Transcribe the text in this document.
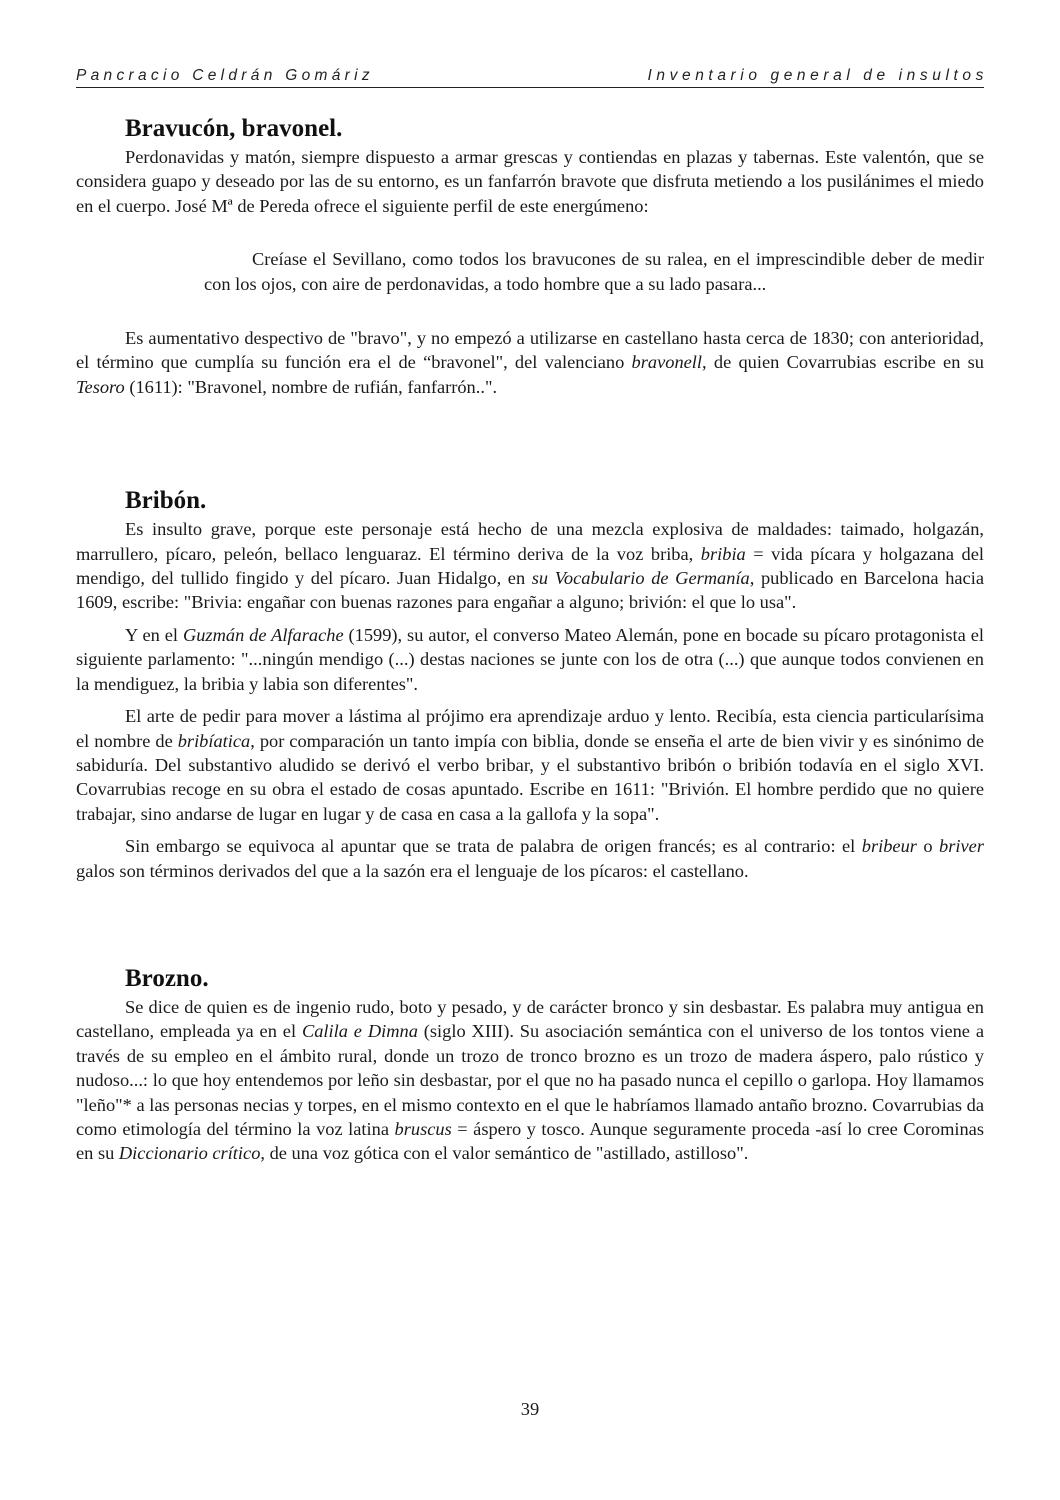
Pancracio Celdrán Gomáriz	Inventario general de insultos
Bravucón, bravonel.

Perdonavidas y matón, siempre dispuesto a armar grescas y contiendas en plazas y tabernas. Este valentón, que se considera guapo y deseado por las de su entorno, es un fanfarrón bravote que disfruta metiendo a los pusilánimes el miedo en el cuerpo. José Mª de Pereda ofrece el siguiente perfil de este energúmeno:

Creíase el Sevillano, como todos los bravucones de su ralea, en el imprescindible deber de medir con los ojos, con aire de perdonavidas, a todo hombre que a su lado pasara...

Es aumentativo despectivo de "bravo", y no empezó a utilizarse en castellano hasta cerca de 1830; con anterioridad, el término que cumplía su función era el de “bravonel", del valenciano bravonell, de quien Covarrubias escribe en su Tesoro (1611): "Bravonel, nombre de rufián, fanfarrón..".

Bribón.

Es insulto grave, porque este personaje está hecho de una mezcla explosiva de maldades: taimado, holgazán, marrullero, pícaro, peleón, bellaco lenguaraz. El término deriva de la voz briba, bribia = vida pícara y holgazana del mendigo, del tullido fingido y del pícaro. Juan Hidalgo, en su Vocabulario de Germanía, publicado en Barcelona hacia 1609, escribe: "Brivia: engañar con buenas razones para engañar a alguno; brivión: el que lo usa".

Y en el Guzmán de Alfarache (1599), su autor, el converso Mateo Alemán, pone en bocade su pícaro protagonista el siguiente parlamento: "...ningún mendigo (...) destas naciones se junte con los de otra (...) que aunque todos convienen en la mendiguez, la bribia y labia son diferentes".

El arte de pedir para mover a lástima al prójimo era aprendizaje arduo y lento. Recibía, esta ciencia particularísima el nombre de bribíatica, por comparación un tanto impía con biblia, donde se enseña el arte de bien vivir y es sinónimo de sabiduría. Del substantivo aludido se derivó el verbo bribar, y el substantivo bribón o bribión todavía en el siglo XVI. Covarrubias recoge en su obra el estado de cosas apuntado. Escribe en 1611: "Brivión. El hombre perdido que no quiere trabajar, sino andarse de lugar en lugar y de casa en casa a la gallofa y la sopa".

Sin embargo se equivoca al apuntar que se trata de palabra de origen francés; es al contrario: el bribeur o briver galos son términos derivados del que a la sazón era el lenguaje de los pícaros: el castellano.

Brozno.

Se dice de quien es de ingenio rudo, boto y pesado, y de carácter bronco y sin desbastar. Es palabra muy antigua en castellano, empleada ya en el Calila e Dimna (siglo XIII). Su asociación semántica con el universo de los tontos viene a través de su empleo en el ámbito rural, donde un trozo de tronco brozno es un trozo de madera áspero, palo rústico y nudoso...: lo que hoy entendemos por leño sin desbastar, por el que no ha pasado nunca el cepillo o garlopa. Hoy llamamos "leño"* a las personas necias y torpes, en el mismo contexto en el que le habríamos llamado antaño brozno. Covarrubias da como etimología del término la voz latina bruscus = áspero y tosco. Aunque seguramente proceda -así lo cree Corominas en su Diccionario crítico, de una voz gótica con el valor semántico de "astillado, astilloso".

39
